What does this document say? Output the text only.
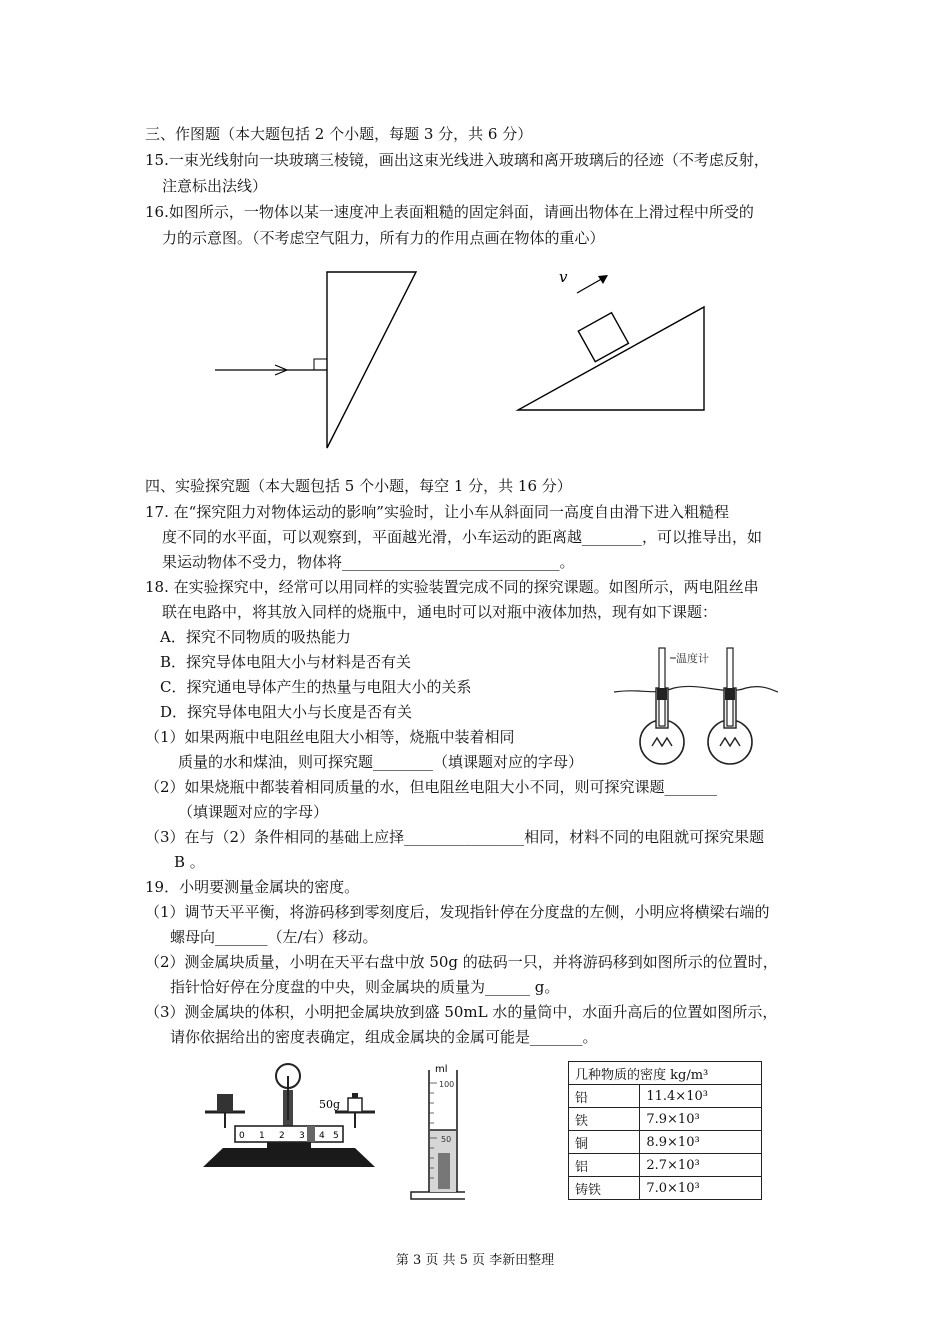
三、作图题（本大题包括 2 个小题，每题 3 分，共 6 分）
15.一束光线射向一块玻璃三棱镜，画出这束光线进入玻璃和离开玻璃后的径迹（不考虑反射，
注意标出法线）
16.如图所示，一物体以某一速度冲上表面粗糙的固定斜面，请画出物体在上滑过程中所受的
力的示意图。（不考虑空气阻力，所有力的作用点画在物体的重心）
v
四、实验探究题（本大题包括 5 个小题，每空 1 分，共 16 分）
17. 在“探究阻力对物体运动的影响”实验时，让小车从斜面同一高度自由滑下进入粗糙程
度不同的水平面，可以观察到，平面越光滑，小车运动的距离越________，可以推导出，如
果运动物体不受力，物体将_____________________________。
18. 在实验探究中，经常可以用同样的实验装置完成不同的探究课题。如图所示，两电阻丝串
联在电路中，将其放入同样的烧瓶中，通电时可以对瓶中液体加热，现有如下课题：
A．探究不同物质的吸热能力
B．探究导体电阻大小与材料是否有关
C．探究通电导体产生的热量与电阻大小的关系
D．探究导体电阻大小与长度是否有关
（1）如果两瓶中电阻丝电阻大小相等，烧瓶中装着相同
质量的水和煤油，则可探究题________（填课题对应的字母）
温度计
（2）如果烧瓶中都装着相同质量的水，但电阻丝电阻大小不同，则可探究课题_______
（填课题对应的字母）
（3）在与（2）条件相同的基础上应择________________相同，材料不同的电阻就可探究果题
B 。
19．小明要测量金属块的密度。
（1）调节天平平衡，将游码移到零刻度后，发现指针停在分度盘的左侧，小明应将横梁右端的
螺母向_______（左/右）移动。
（2）测金属块质量，小明在天平右盘中放 50g 的砝码一只，并将游码移到如图所示的位置时，
指针恰好停在分度盘的中央，则金属块的质量为______ g。
（3）测金属块的体积，小明把金属块放到盛 50mL 水的量筒中，水面升高后的位置如图所示，
请你依据给出的密度表确定，组成金属块的金属可能是_______。
0 1 2 3 4 5
50g
ml
100
50
几种物质的密度 kg/m³	
铅	11.4×10³
铁	7.9×10³
铜	8.9×10³
铝	2.7×10³
铸铁	7.0×10³
第 3 页 共 5 页 李新田整理
